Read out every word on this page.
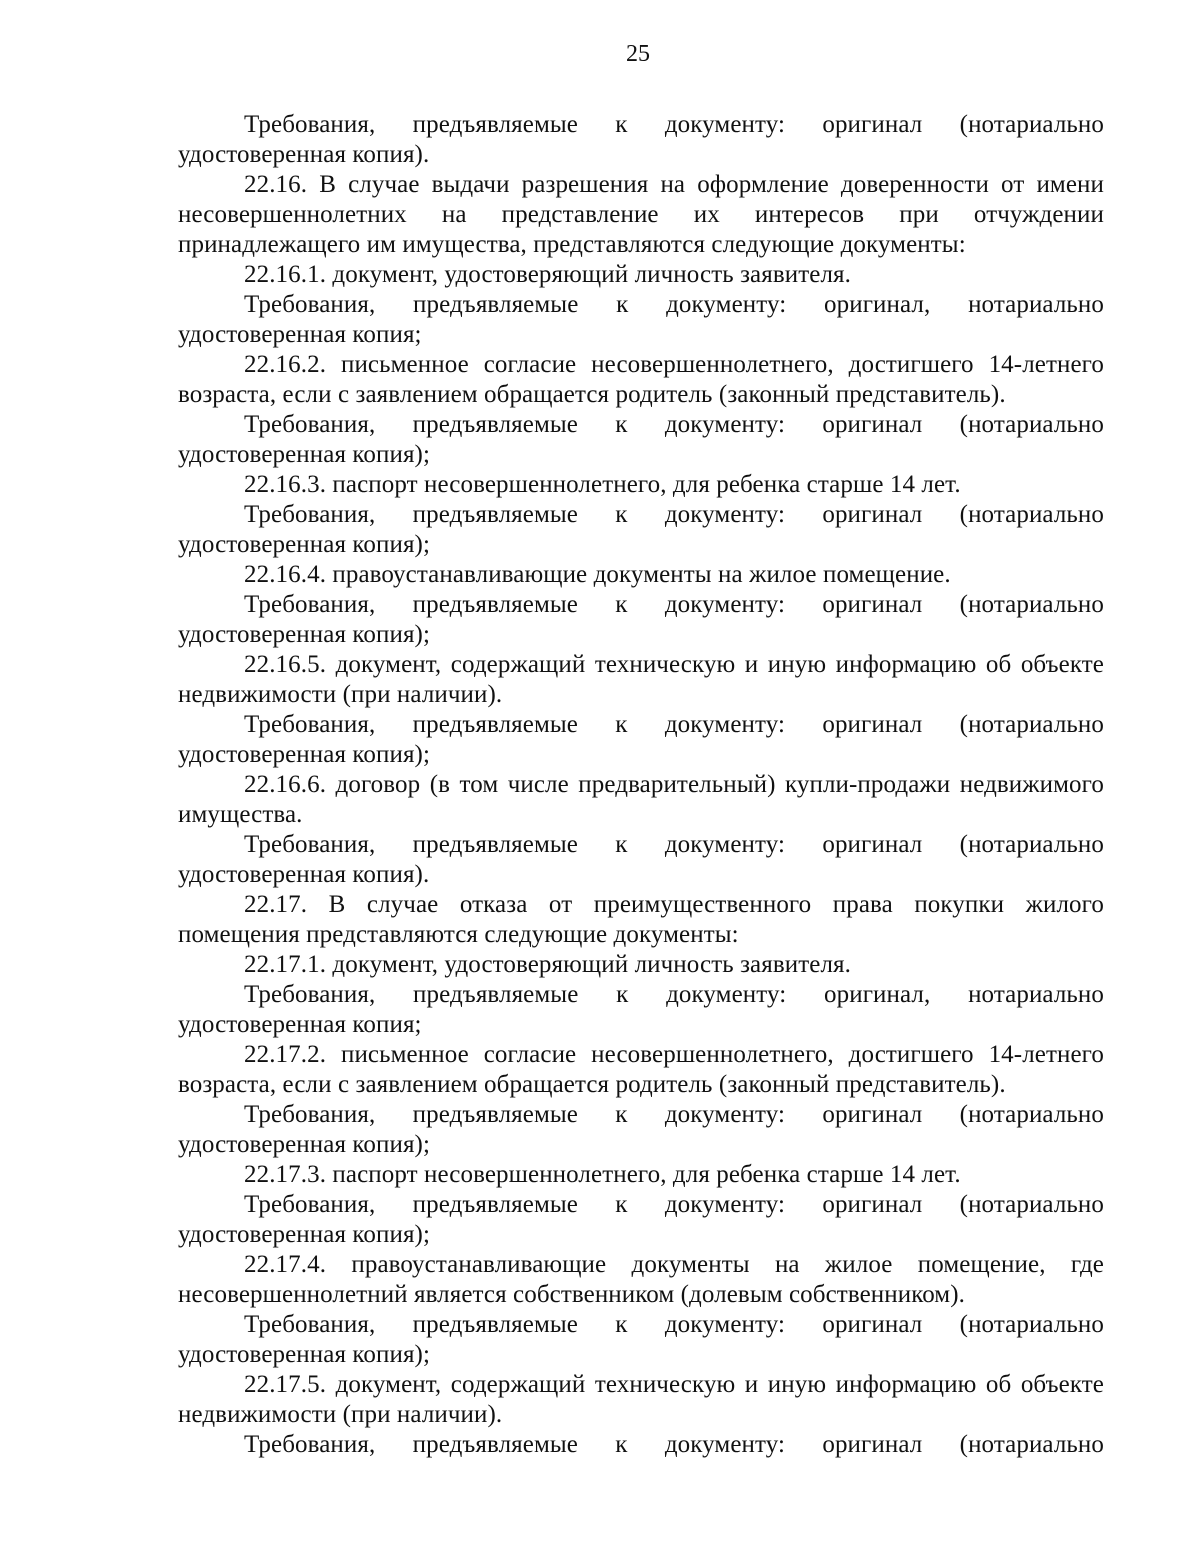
25

Требования, предъявляемые к документу: оригинал (нотариально удостоверенная копия).

22.16. В случае выдачи разрешения на оформление доверенности от имени несовершеннолетних на представление их интересов при отчуждении принадлежащего им имущества, представляются следующие документы:

22.16.1. документ, удостоверяющий личность заявителя.

Требования, предъявляемые к документу: оригинал, нотариально удостоверенная копия;

22.16.2. письменное согласие несовершеннолетнего, достигшего 14-летнего возраста, если с заявлением обращается родитель (законный представитель).

Требования, предъявляемые к документу: оригинал (нотариально удостоверенная копия);

22.16.3. паспорт несовершеннолетнего, для ребенка старше 14 лет.

Требования, предъявляемые к документу: оригинал (нотариально удостоверенная копия);

22.16.4. правоустанавливающие документы на жилое помещение.

Требования, предъявляемые к документу: оригинал (нотариально удостоверенная копия);

22.16.5. документ, содержащий техническую и иную информацию об объекте недвижимости (при наличии).

Требования, предъявляемые к документу: оригинал (нотариально удостоверенная копия);

22.16.6. договор (в том числе предварительный) купли-продажи недвижимого имущества.

Требования, предъявляемые к документу: оригинал (нотариально удостоверенная копия).

22.17. В случае отказа от преимущественного права покупки жилого помещения представляются следующие документы:

22.17.1. документ, удостоверяющий личность заявителя.

Требования, предъявляемые к документу: оригинал, нотариально удостоверенная копия;

22.17.2. письменное согласие несовершеннолетнего, достигшего 14-летнего возраста, если с заявлением обращается родитель (законный представитель).

Требования, предъявляемые к документу: оригинал (нотариально удостоверенная копия);

22.17.3. паспорт несовершеннолетнего, для ребенка старше 14 лет.

Требования, предъявляемые к документу: оригинал (нотариально удостоверенная копия);

22.17.4. правоустанавливающие документы на жилое помещение, где несовершеннолетний является собственником (долевым собственником).

Требования, предъявляемые к документу: оригинал (нотариально удостоверенная копия);

22.17.5. документ, содержащий техническую и иную информацию об объекте недвижимости (при наличии).

Требования, предъявляемые к документу: оригинал (нотариально
